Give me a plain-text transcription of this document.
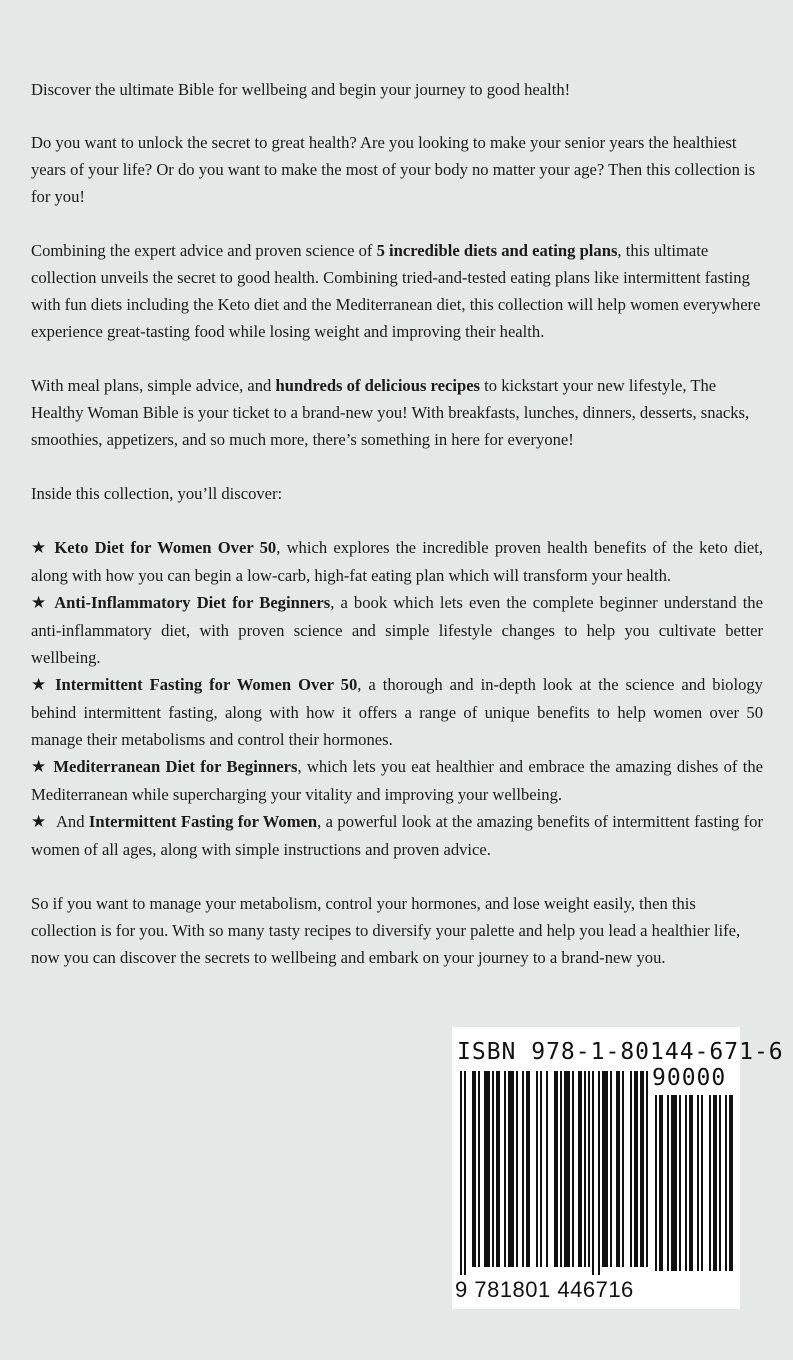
Discover the ultimate Bible for wellbeing and begin your journey to good health!

Do you want to unlock the secret to great health? Are you looking to make your senior years the healthiest years of your life? Or do you want to make the most of your body no matter your age? Then this collection is for you!

Combining the expert advice and proven science of 5 incredible diets and eating plans, this ultimate collection unveils the secret to good health. Combining tried-and-tested eating plans like intermittent fasting with fun diets including the Keto diet and the Mediterranean diet, this collection will help women everywhere experience great-tasting food while losing weight and improving their health.

With meal plans, simple advice, and hundreds of delicious recipes to kickstart your new lifestyle, The Healthy Woman Bible is your ticket to a brand-new you! With breakfasts, lunches, dinners, desserts, snacks, smoothies, appetizers, and so much more, there’s something in here for everyone!

Inside this collection, you’ll discover:

★ Keto Diet for Women Over 50, which explores the incredible proven health benefits of the keto diet, along with how you can begin a low-carb, high-fat eating plan which will transform your health.

★ Anti-Inflammatory Diet for Beginners, a book which lets even the complete beginner understand the anti-inflammatory diet, with proven science and simple lifestyle changes to help you cultivate better wellbeing.

★ Intermittent Fasting for Women Over 50, a thorough and in-depth look at the science and biology behind intermittent fasting, along with how it offers a range of unique benefits to help women over 50 manage their metabolisms and control their hormones.

★ Mediterranean Diet for Beginners, which lets you eat healthier and embrace the amazing dishes of the Mediterranean while supercharging your vitality and improving your wellbeing.

★ And Intermittent Fasting for Women, a powerful look at the amazing benefits of intermittent fasting for women of all ages, along with simple instructions and proven advice.

So if you want to manage your metabolism, control your hormones, and lose weight easily, then this collection is for you. With so many tasty recipes to diversify your palette and help you lead a healthier life, now you can discover the secrets to wellbeing and embark on your journey to a brand-new you.

ISBN 978-1-80144-671-6
90000
9 781801 446716
